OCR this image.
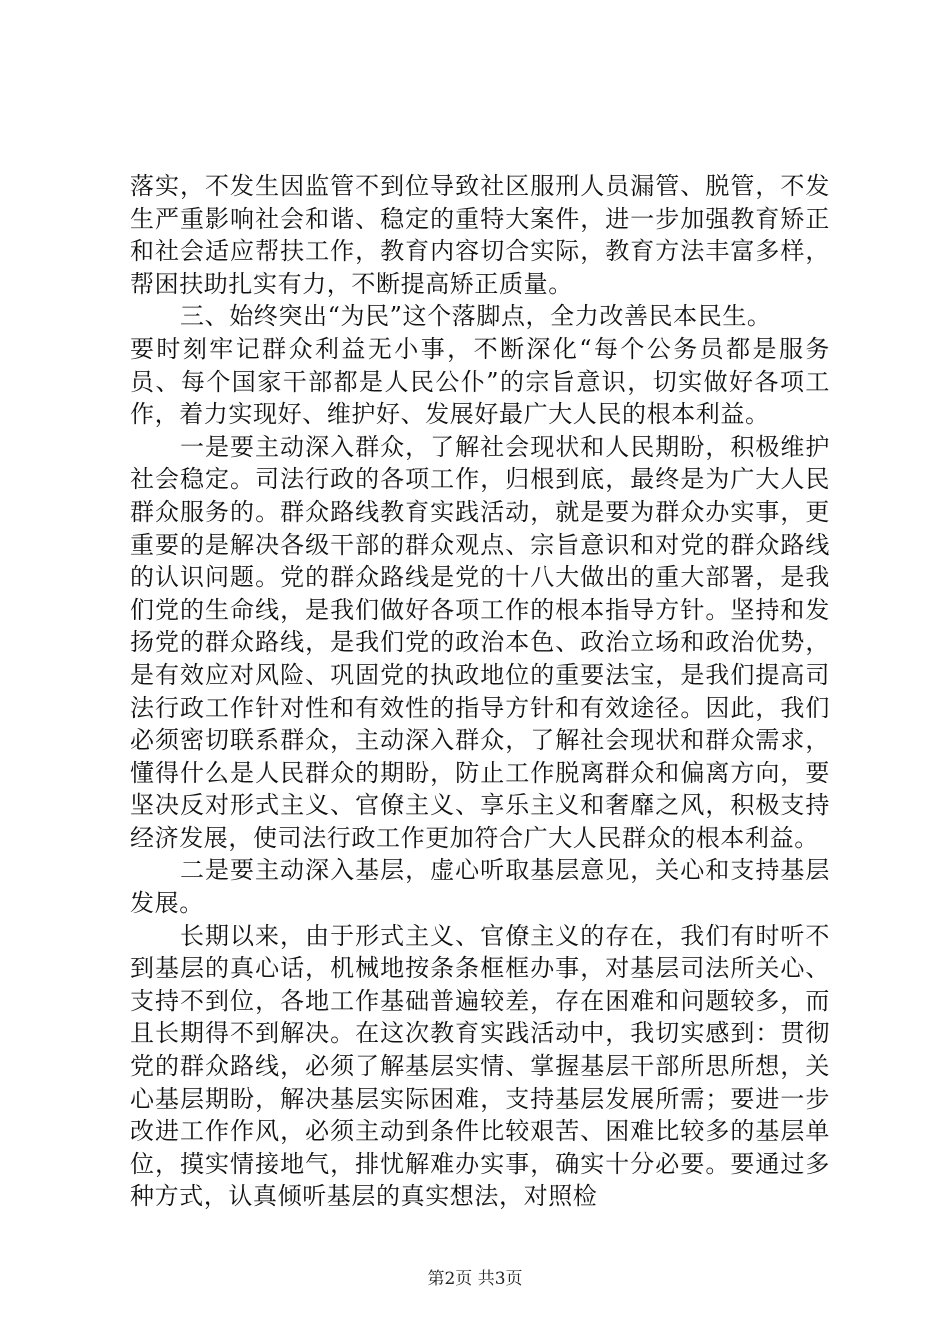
落实，不发生因监管不到位导致社区服刑人员漏管、脱管，不发生严重影响社会和谐、稳定的重特大案件，进一步加强教育矫正和社会适应帮扶工作，教育内容切合实际，教育方法丰富多样，帮困扶助扎实有力，不断提高矫正质量。

三、始终突出“为民”这个落脚点，全力改善民本民生。

要时刻牢记群众利益无小事，不断深化“每个公务员都是服务员、每个国家干部都是人民公仆”的宗旨意识，切实做好各项工作，着力实现好、维护好、发展好最广大人民的根本利益。

一是要主动深入群众，了解社会现状和人民期盼，积极维护社会稳定。司法行政的各项工作，归根到底，最终是为广大人民群众服务的。群众路线教育实践活动，就是要为群众办实事，更重要的是解决各级干部的群众观点、宗旨意识和对党的群众路线的认识问题。党的群众路线是党的十八大做出的重大部署，是我们党的生命线，是我们做好各项工作的根本指导方针。坚持和发扬党的群众路线，是我们党的政治本色、政治立场和政治优势，是有效应对风险、巩固党的执政地位的重要法宝，是我们提高司法行政工作针对性和有效性的指导方针和有效途径。因此，我们必须密切联系群众，主动深入群众，了解社会现状和群众需求，懂得什么是人民群众的期盼，防止工作脱离群众和偏离方向，要坚决反对形式主义、官僚主义、享乐主义和奢靡之风，积极支持经济发展，使司法行政工作更加符合广大人民群众的根本利益。

二是要主动深入基层，虚心听取基层意见，关心和支持基层发展。

长期以来，由于形式主义、官僚主义的存在，我们有时听不到基层的真心话，机械地按条条框框办事，对基层司法所关心、支持不到位，各地工作基础普遍较差，存在困难和问题较多，而且长期得不到解决。在这次教育实践活动中，我切实感到：贯彻党的群众路线，必须了解基层实情、掌握基层干部所思所想，关心基层期盼，解决基层实际困难，支持基层发展所需；要进一步改进工作作风，必须主动到条件比较艰苦、困难比较多的基层单位，摸实情接地气，排忧解难办实事，确实十分必要。要通过多种方式，认真倾听基层的真实想法，对照检

第2页 共3页
